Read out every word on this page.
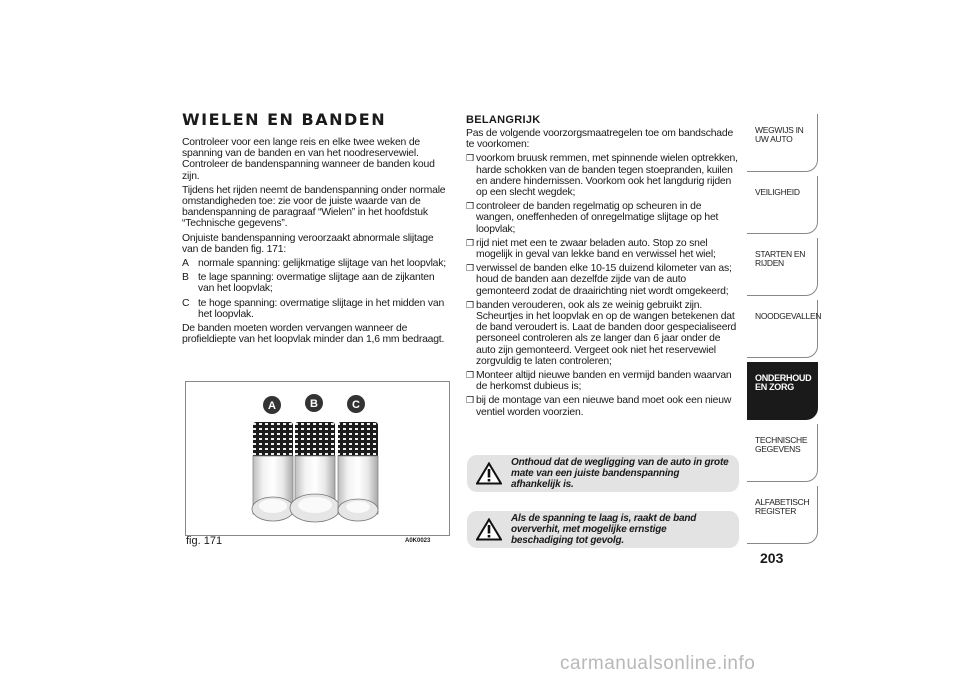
WIELEN EN BANDEN

Controleer voor een lange reis en elke twee weken de spanning van de banden en van het noodreservewiel. Controleer de bandenspanning wanneer de banden koud zijn.

Tijdens het rijden neemt de bandenspanning onder normale omstandigheden toe: zie voor de juiste waarde van de bandenspanning de paragraaf “Wielen” in het hoofdstuk “Technische gegevens”.

Onjuiste bandenspanning veroorzaakt abnormale slijtage van de banden fig. 171:

A normale spanning: gelijkmatige slijtage van het loopvlak;
B te lage spanning: overmatige slijtage aan de zijkanten van het loopvlak;
C te hoge spanning: overmatige slijtage in het midden van het loopvlak.

De banden moeten worden vervangen wanneer de profieldiepte van het loopvlak minder dan 1,6 mm bedraagt.

A	B	C
fig. 171	A0K0023
BELANGRIJK

Pas de volgende voorzorgsmaatregelen toe om bandschade te voorkomen:

❒ voorkom bruusk remmen, met spinnende wielen optrekken, harde schokken van de banden tegen stoepranden, kuilen en andere hindernissen. Voorkom ook het langdurig rijden op een slecht wegdek;
❒ controleer de banden regelmatig op scheuren in de wangen, oneffenheden of onregelmatige slijtage op het loopvlak;
❒ rijd niet met een te zwaar beladen auto. Stop zo snel mogelijk in geval van lekke band en verwissel het wiel;
❒ verwissel de banden elke 10-15 duizend kilometer van as; houd de banden aan dezelfde zijde van de auto gemonteerd zodat de draairichting niet wordt omgekeerd;
❒ banden verouderen, ook als ze weinig gebruikt zijn. Scheurtjes in het loopvlak en op de wangen betekenen dat de band veroudert is. Laat de banden door gespecialiseerd personeel controleren als ze langer dan 6 jaar onder de auto zijn gemonteerd. Vergeet ook niet het reservewiel zorgvuldig te laten controleren;
❒ Monteer altijd nieuwe banden en vermijd banden waarvan de herkomst dubieus is;
❒ bij de montage van een nieuwe band moet ook een nieuw ventiel worden voorzien.
Onthoud dat de wegligging van de auto in grote mate van een juiste bandenspanning afhankelijk is.
Als de spanning te laag is, raakt de band oververhit, met mogelijke ernstige beschadiging tot gevolg.
WEGWIJS IN UW AUTO
VEILIGHEID
STARTEN EN RIJDEN
NOODGEVALLEN
ONDERHOUD EN ZORG
TECHNISCHE GEGEVENS
ALFABETISCH REGISTER
203
carmanualsonline.info
